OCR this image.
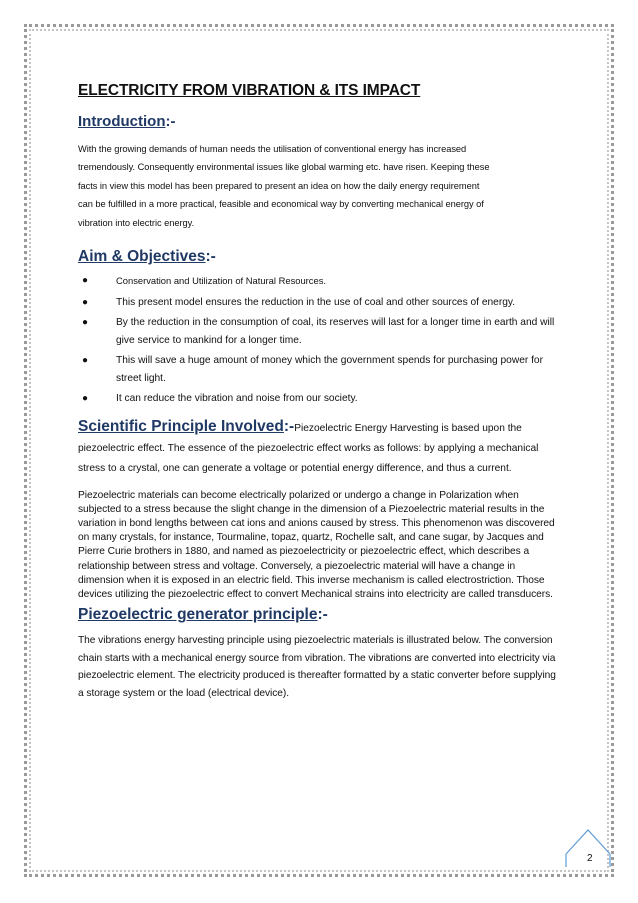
ELECTRICITY FROM VIBRATION & ITS IMPACT
Introduction:-

With the growing demands of human needs the utilisation of conventional energy has increased

tremendously. Consequently environmental issues like global warming etc. have risen. Keeping these

facts in view this model has been prepared to present an idea on how the daily energy requirement

can be fulfilled in a more practical, feasible and economical way by converting mechanical energy of

vibration into electric energy.

Aim & Objectives:-
●	Conservation and Utilization of Natural Resources.
●	This present model ensures the reduction in the use of coal and other sources of energy.
●	By the reduction in the consumption of coal, its reserves will last for a longer time in earth and will give service to mankind for a longer time.
●	This will save a huge amount of money which the government spends for purchasing power for street light.
●	It can reduce the vibration and noise from our society.

Scientific Principle Involved:-Piezoelectric Energy Harvesting is based upon the piezoelectric effect. The essence of the piezoelectric effect works as follows: by applying a mechanical stress to a crystal, one can generate a voltage or potential energy difference, and thus a current.

Piezoelectric materials can become electrically polarized or undergo a change in Polarization when subjected to a stress because the slight change in the dimension of a Piezoelectric material results in the variation in bond lengths between cat ions and anions caused by stress. This phenomenon was discovered on many crystals, for instance, Tourmaline, topaz, quartz, Rochelle salt, and cane sugar, by Jacques and Pierre Curie brothers in 1880, and named as piezoelectricity or piezoelectric effect, which describes a relationship between stress and voltage. Conversely, a piezoelectric material will have a change in dimension when it is exposed in an electric field. This inverse mechanism is called electrostriction. Those devices utilizing the piezoelectric effect to convert Mechanical strains into electricity are called transducers.

Piezoelectric generator principle:-

The vibrations energy harvesting principle using piezoelectric materials is illustrated below. The conversion chain starts with a mechanical energy source from vibration. The vibrations are converted into electricity via piezoelectric element. The electricity produced is thereafter formatted by a static converter before supplying a storage system or the load (electrical device).

2
